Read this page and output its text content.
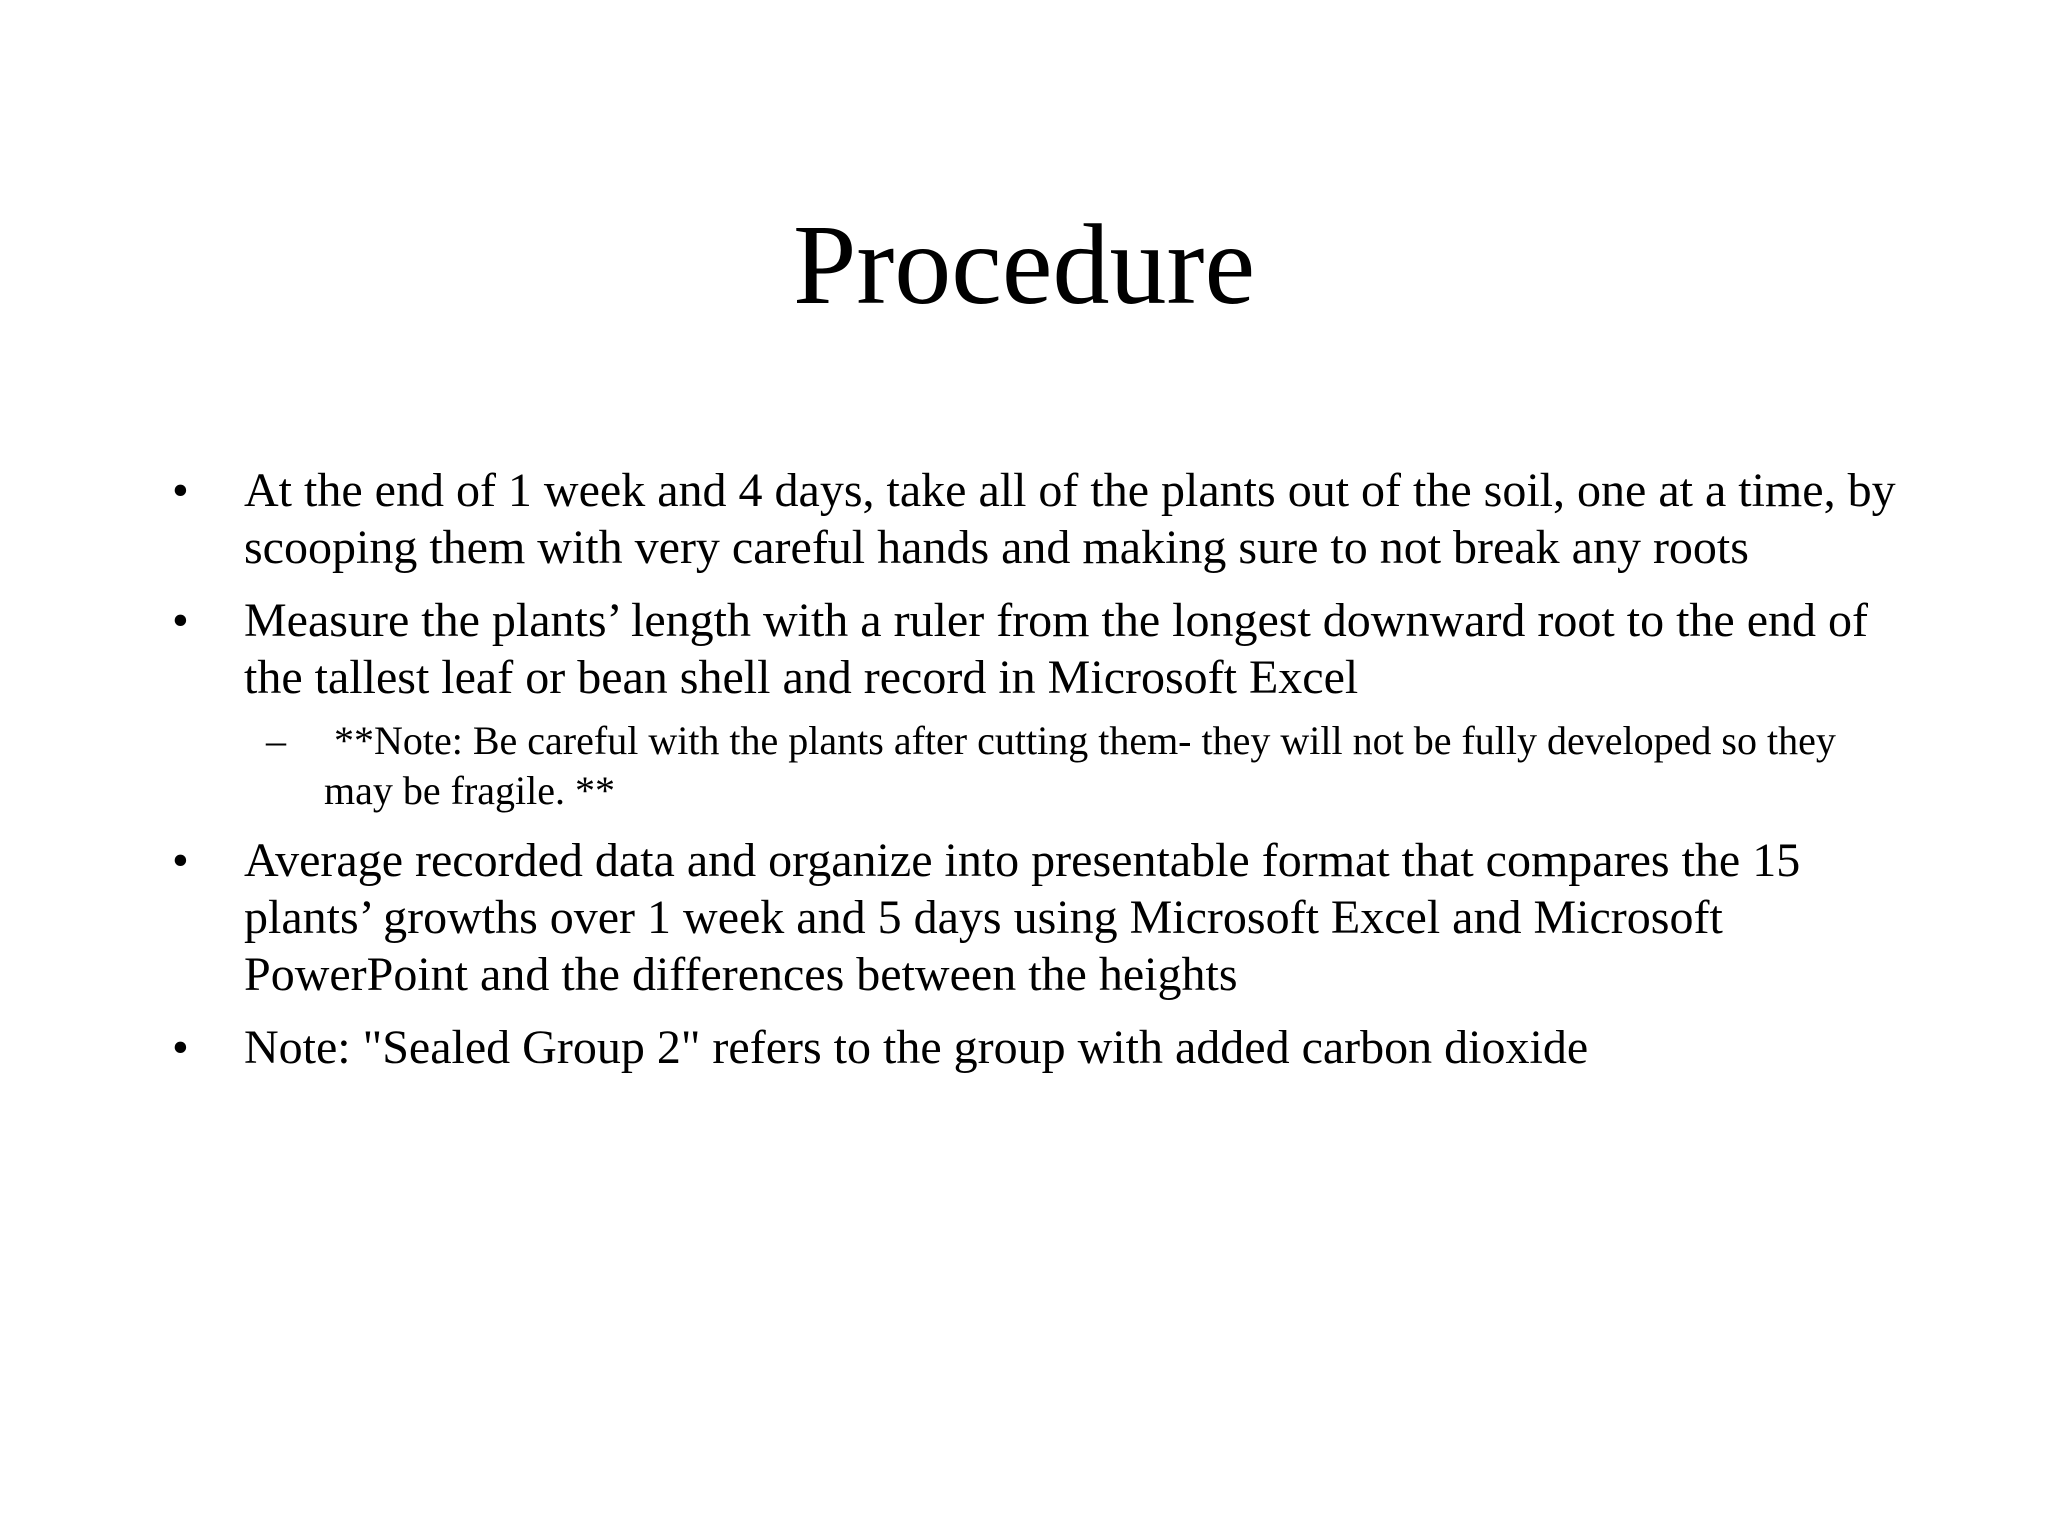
Procedure
• At the end of 1 week and 4 days, take all of the plants out of the soil, one at a time, by scooping them with very careful hands and making sure to not break any roots
• Measure the plants’ length with a ruler from the longest downward root to the end of the tallest leaf or bean shell and record in Microsoft Excel
– **Note: Be careful with the plants after cutting them- they will not be fully developed so they may be fragile. **
• Average recorded data and organize into presentable format that compares the 15 plants’ growths over 1 week and 5 days using Microsoft Excel and Microsoft PowerPoint and the differences between the heights
• Note: "Sealed Group 2" refers to the group with added carbon dioxide
